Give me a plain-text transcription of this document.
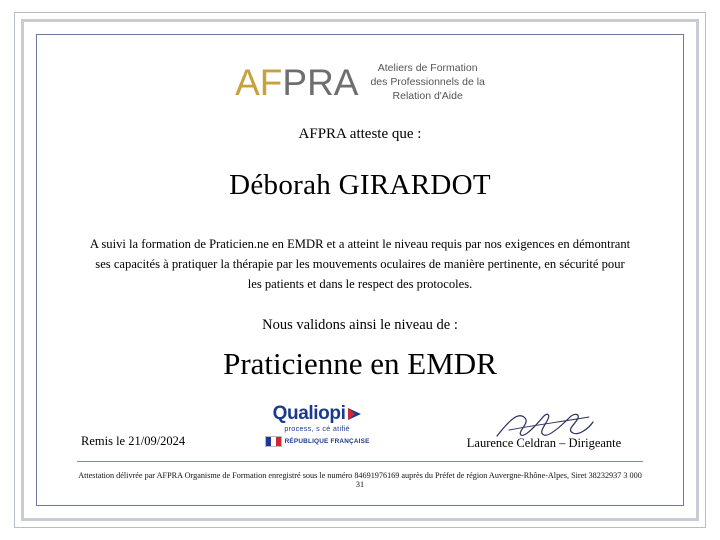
AFPRA	Ateliers de Formation
des Professionnels de la
Relation d'Aide
AFPRA atteste que :
Déborah GIRARDOT
A suivi la formation de Praticien.ne en EMDR et a atteint le niveau requis par nos exigences en démontrant ses capacités à pratiquer la thérapie par les mouvements oculaires de manière pertinente, en sécurité pour les patients et dans le respect des protocoles.
Nous validons ainsi le niveau de :
Praticienne en EMDR
Remis le 21/09/2024
Qualiopi
process, s cé atifié
RÉPUBLIQUE FRANÇAISE	Laurence Celdran – Dirigeante
Attestation délivrée par AFPRA Organisme de Formation enregistré sous le numéro 84691976169 auprès du Préfet de région Auvergne-Rhône-Alpes, Siret 38232937 3 000 31
